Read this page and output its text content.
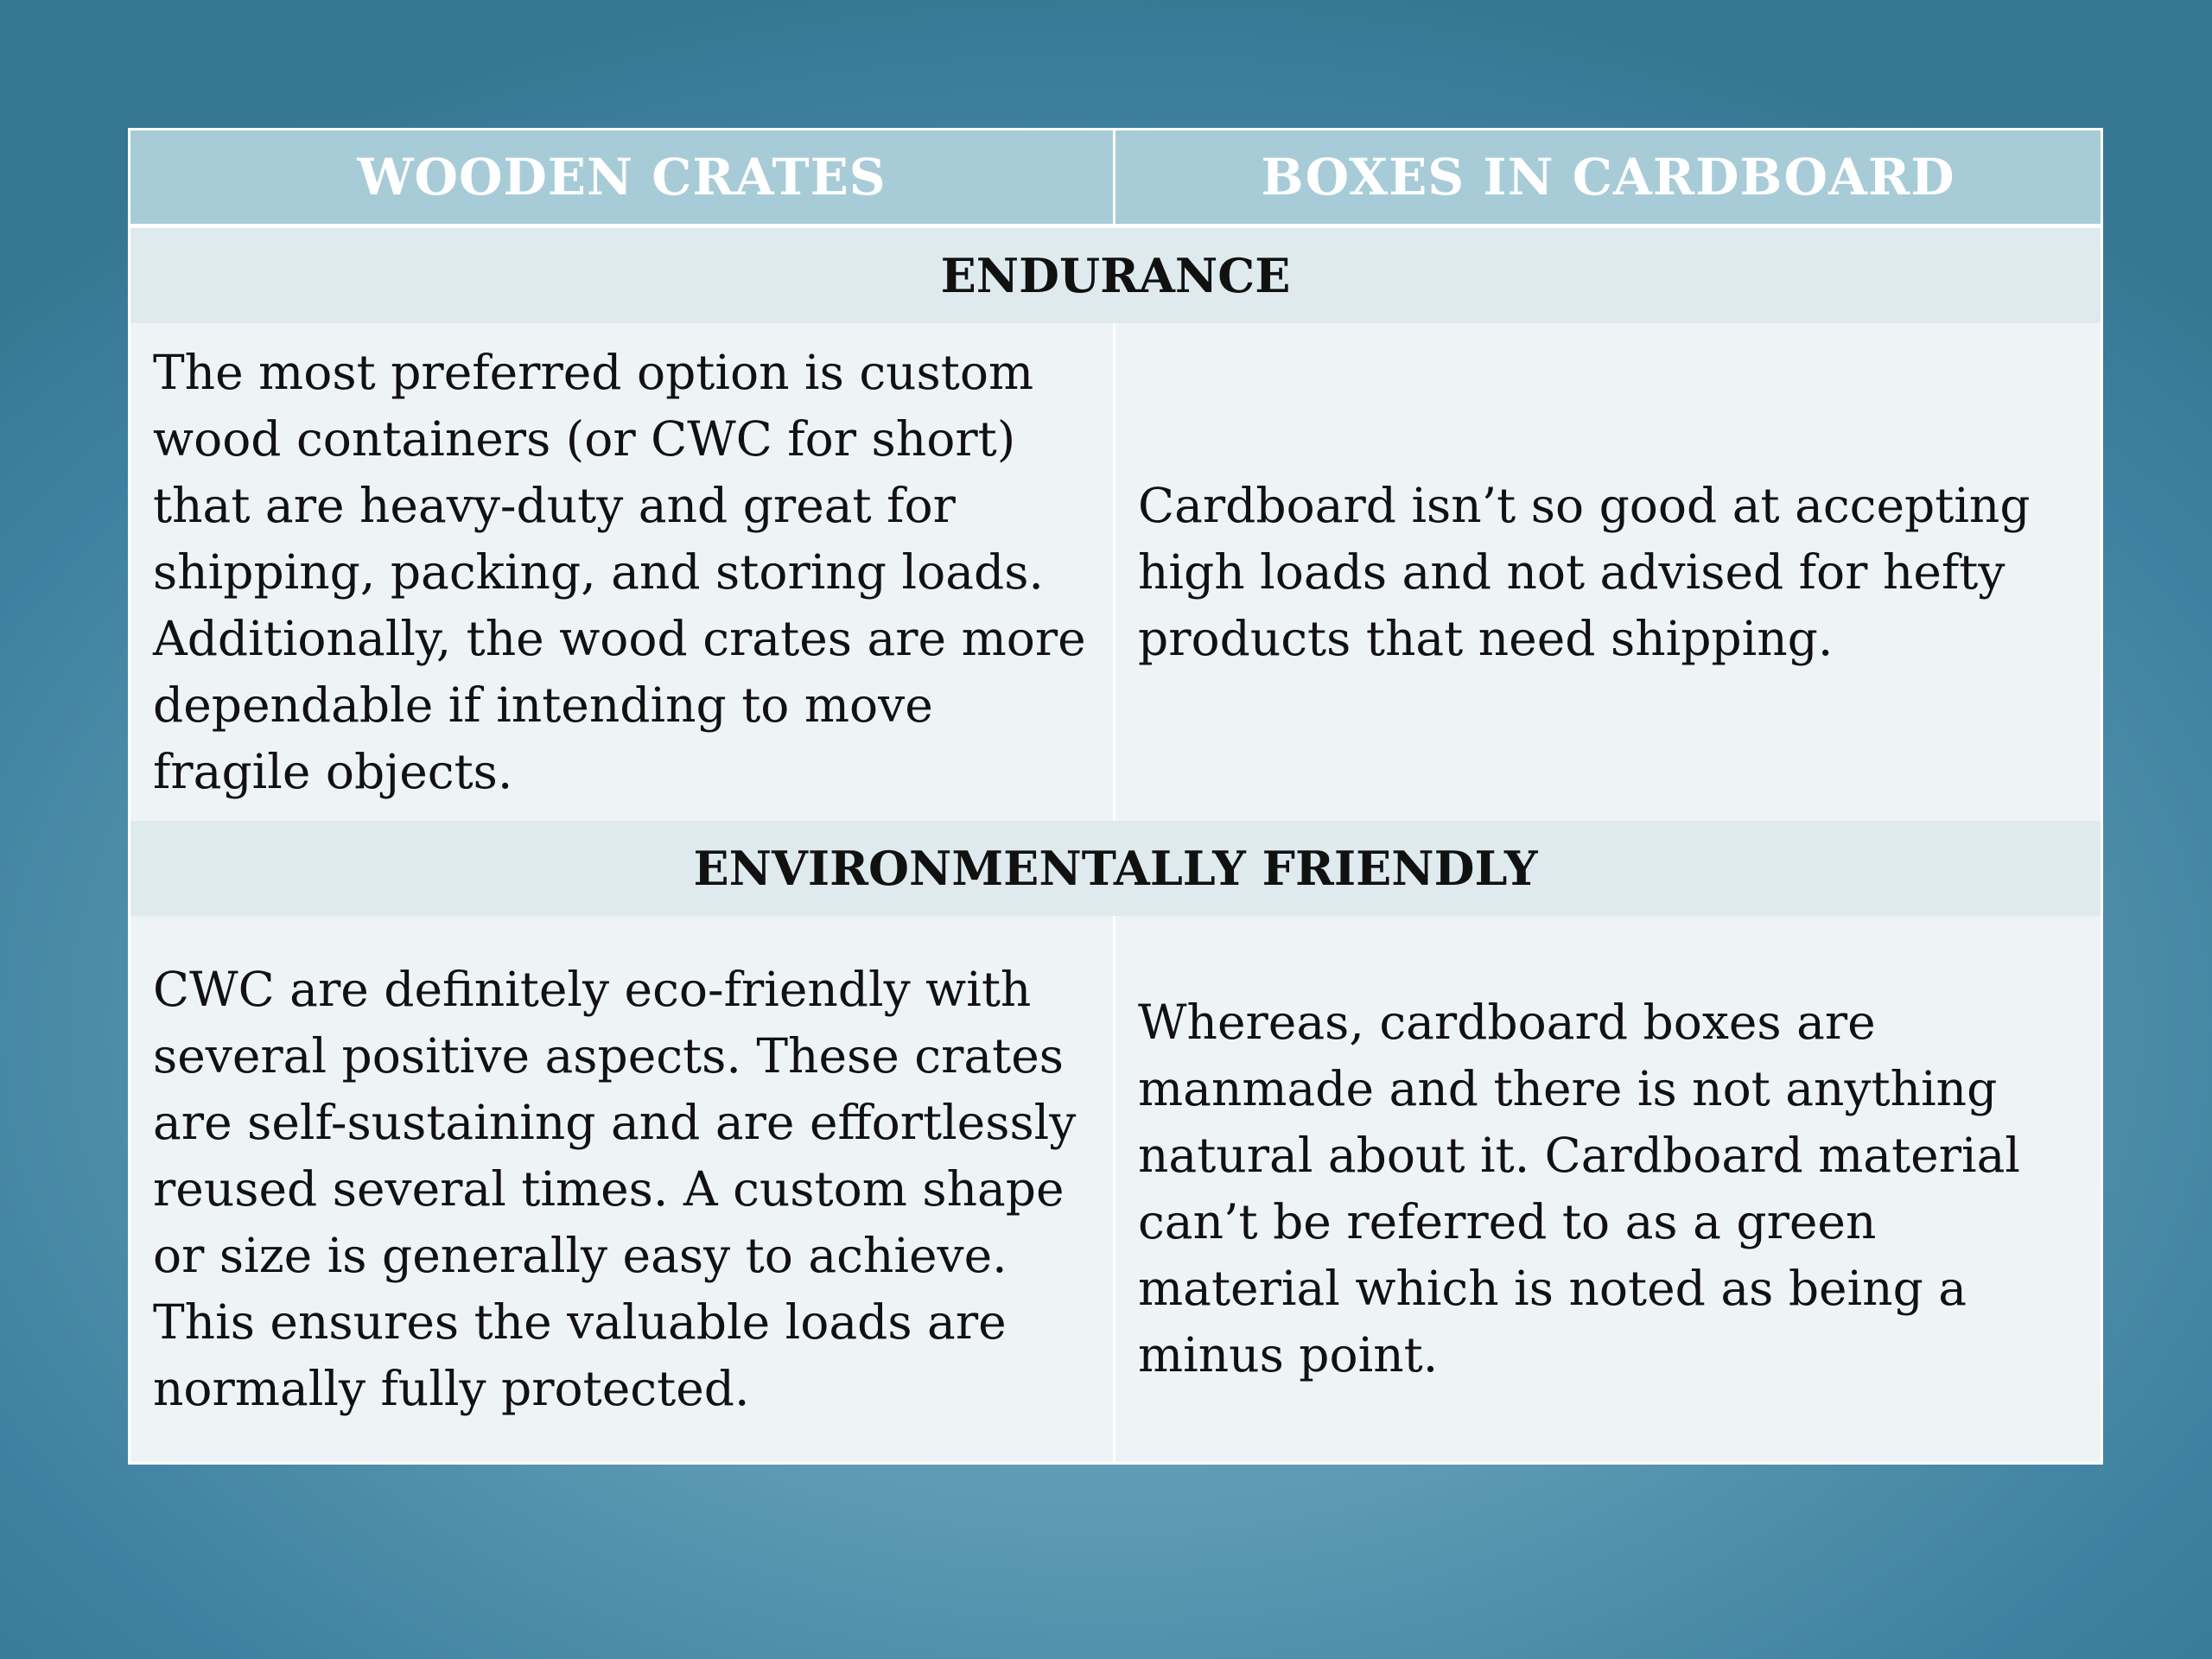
WOODEN CRATES	BOXES IN CARDBOARD
ENDURANCE	
The most preferred option is custom wood containers (or CWC for short) that are heavy-duty and great for shipping, packing, and storing loads. Additionally, the wood crates are more dependable if intending to move fragile objects.	Cardboard isn’t so good at accepting high loads and not advised for hefty products that need shipping.
ENVIRONMENTALLY FRIENDLY	
CWC are definitely eco-friendly with several positive aspects. These crates are self-sustaining and are effortlessly reused several times. A custom shape or size is generally easy to achieve. This ensures the valuable loads are normally fully protected.	Whereas, cardboard boxes are manmade and there is not anything natural about it. Cardboard material can’t be referred to as a green material which is noted as being a minus point.
